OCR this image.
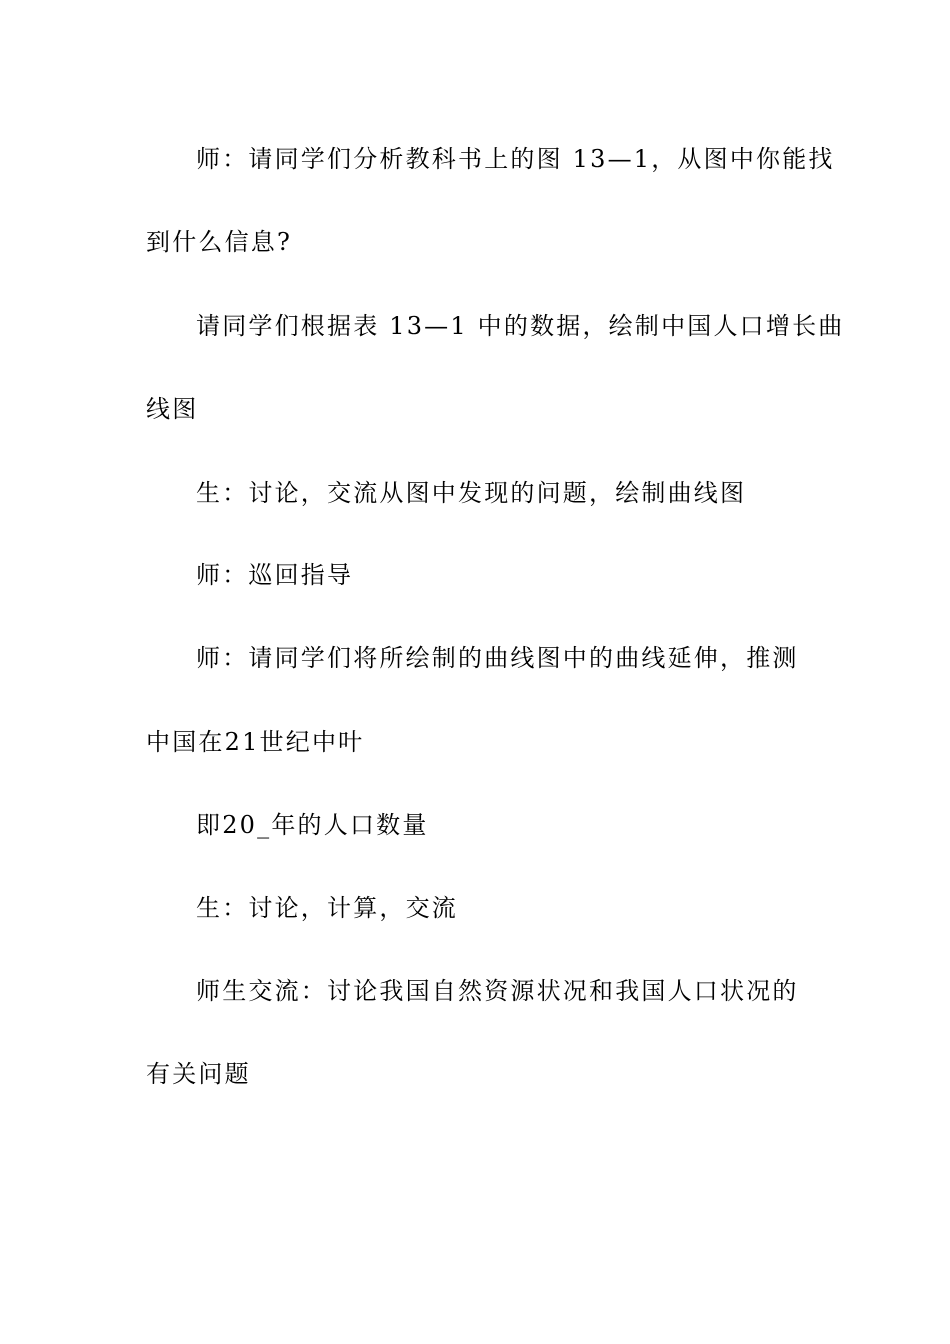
师：请同学们分析教科书上的图 13—1，从图中你能找
到什么信息?
请同学们根据表 13—1 中的数据，绘制中国人口增长曲
线图
生：讨论，交流从图中发现的问题，绘制曲线图
师：巡回指导
师：请同学们将所绘制的曲线图中的曲线延伸，推测
中国在21世纪中叶
即20_年的人口数量
生：讨论，计算，交流
师生交流：讨论我国自然资源状况和我国人口状况的
有关问题
